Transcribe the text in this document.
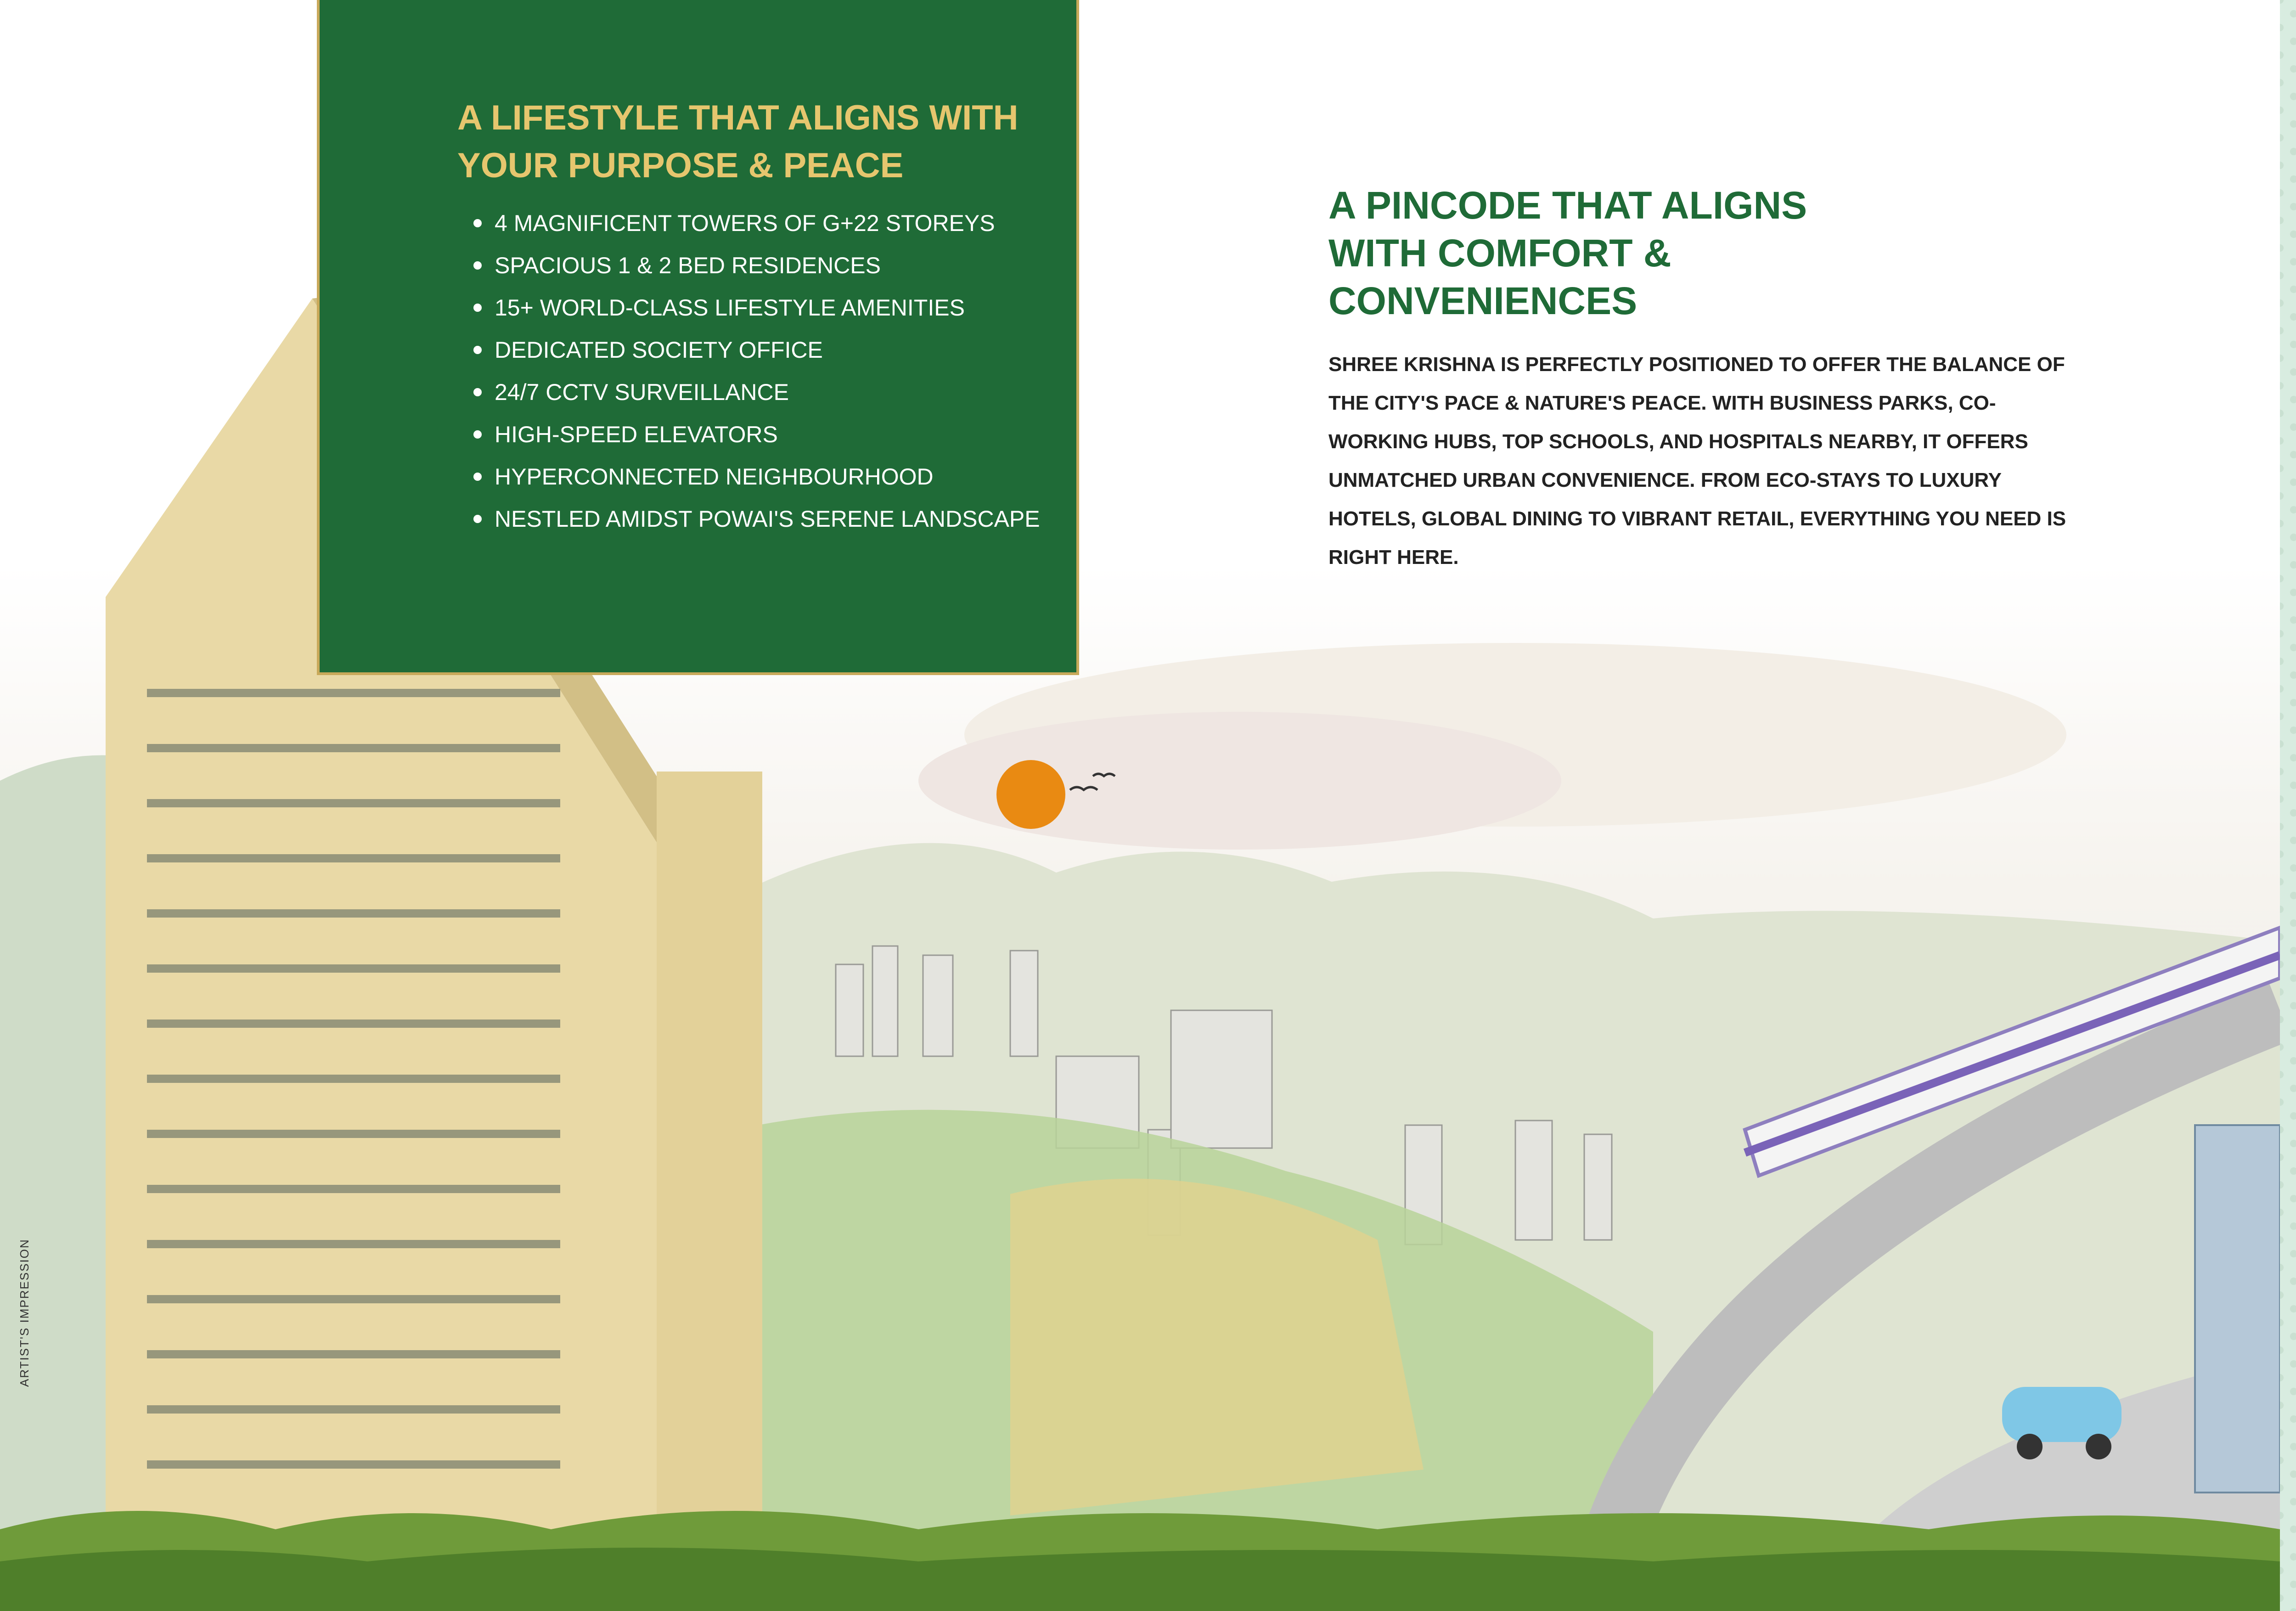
A LIFESTYLE THAT ALIGNS WITH YOUR PURPOSE & PEACE
4 MAGNIFICENT TOWERS OF G+22 STOREYS
SPACIOUS 1 & 2 BED RESIDENCES
15+ WORLD-CLASS LIFESTYLE AMENITIES
DEDICATED SOCIETY OFFICE
24/7 CCTV SURVEILLANCE
HIGH-SPEED ELEVATORS
HYPERCONNECTED NEIGHBOURHOOD
NESTLED AMIDST POWAI'S SERENE LANDSCAPE
A PINCODE THAT ALIGNS WITH COMFORT & CONVENIENCES

SHREE KRISHNA IS PERFECTLY POSITIONED TO OFFER THE BALANCE OF THE CITY'S PACE & NATURE'S PEACE. WITH BUSINESS PARKS, CO-WORKING HUBS, TOP SCHOOLS, AND HOSPITALS NEARBY, IT OFFERS UNMATCHED URBAN CONVENIENCE. FROM ECO-STAYS TO LUXURY HOTELS, GLOBAL DINING TO VIBRANT RETAIL, EVERYTHING YOU NEED IS RIGHT HERE.

ARTIST'S IMPRESSION
